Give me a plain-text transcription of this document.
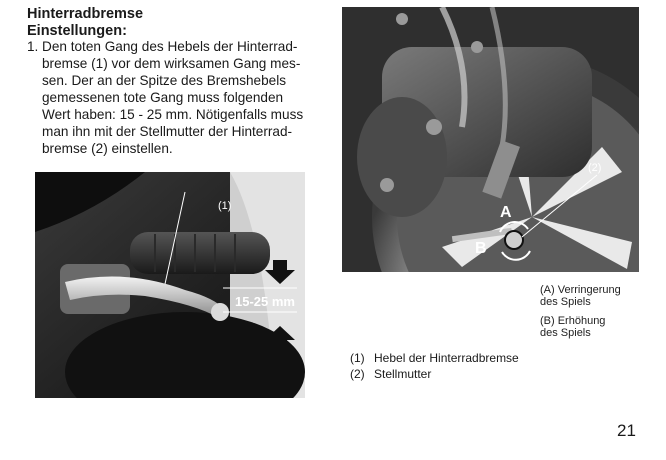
Hinterradbremse
Einstellungen:
1. Den toten Gang des Hebels der Hinterrad-
bremse (1) vor dem wirksamen Gang mes-
sen. Der an der Spitze des Bremshebels
gemessenen tote Gang muss folgenden
Wert haben: 15 - 25 mm. Nötigenfalls muss
man ihn mit der Stellmutter der Hinterrad-
bremse (2) einstellen.
(1)
15-25 mm
(2)
A
B
(A) Verringerung
des Spiels
(B) Erhöhung
des Spiels
(1) Hebel der Hinterradbremse
(2) Stellmutter
21
